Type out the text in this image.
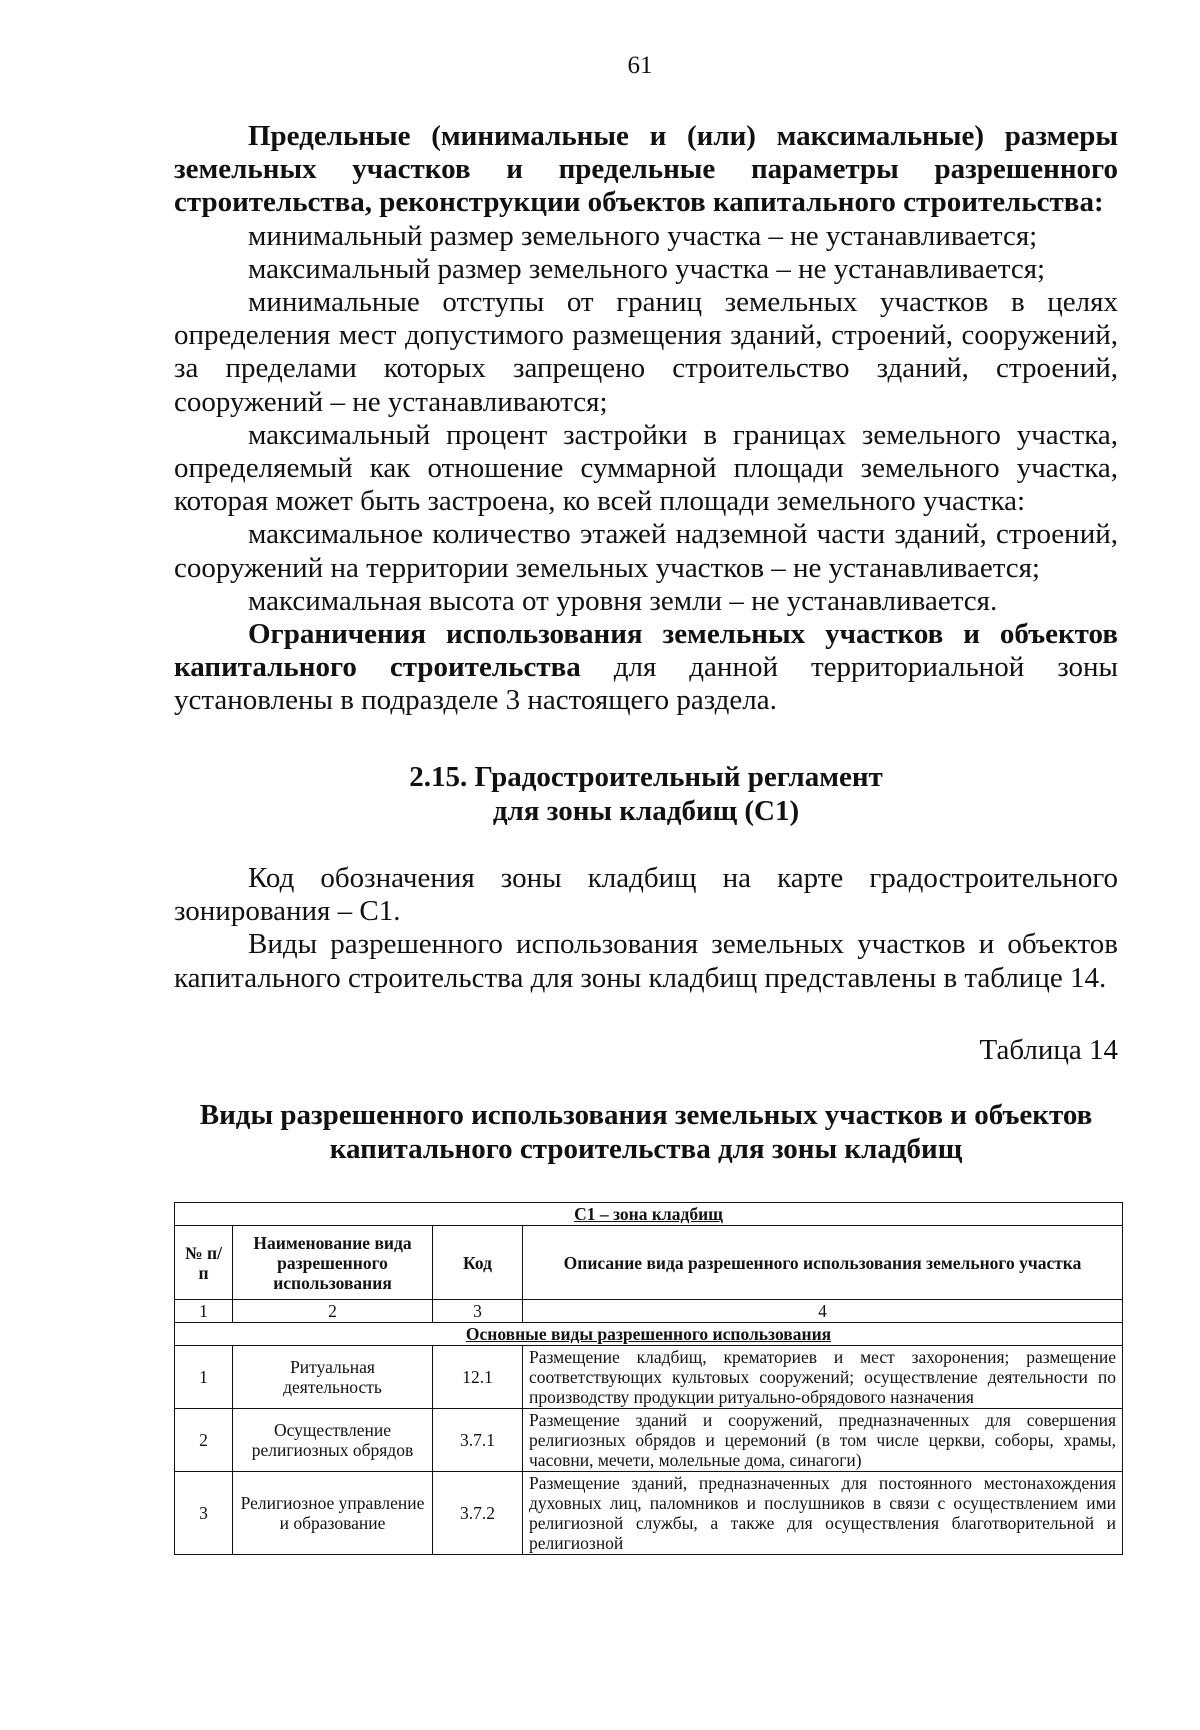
61

Предельные (минимальные и (или) максимальные) размеры земельных участков и предельные параметры разрешенного строительства, реконструкции объектов капитального строительства:

минимальный размер земельного участка – не устанавливается;

максимальный размер земельного участка – не устанавливается;

минимальные отступы от границ земельных участков в целях определения мест допустимого размещения зданий, строений, сооружений, за пределами которых запрещено строительство зданий, строений, сооружений – не устанавливаются;

максимальный процент застройки в границах земельного участка, определяемый как отношение суммарной площади земельного участка, которая может быть застроена, ко всей площади земельного участка:

максимальное количество этажей надземной части зданий, строений, сооружений на территории земельных участков – не устанавливается;

максимальная высота от уровня земли – не устанавливается.

Ограничения использования земельных участков и объектов капитального строительства для данной территориальной зоны установлены в подразделе 3 настоящего раздела.

2.15. Градостроительный регламент
для зоны кладбищ (С1)

Код обозначения зоны кладбищ на карте градостроительного зонирования – С1.

Виды разрешенного использования земельных участков и объектов капитального строительства для зоны кладбищ представлены в таблице 14.

Таблица 14
Виды разрешенного использования земельных участков и объектов
капитального строительства для зоны кладбищ
С1 – зона кладбищ			
№ п/п	Наименование вида разрешенного использования	Код	Описание вида разрешенного использования земельного участка
1	2	3	4
Основные виды разрешенного использования			
1	Ритуальная деятельность	12.1	Размещение кладбищ, крематориев и мест захоронения; размещение соответствующих культовых сооружений; осуществление деятельности по производству продукции ритуально-обрядового назначения
2	Осуществление религиозных обрядов	3.7.1	Размещение зданий и сооружений, предназначенных для совершения религиозных обрядов и церемоний (в том числе церкви, соборы, храмы, часовни, мечети, молельные дома, синагоги)
3	Религиозное управление и образование	3.7.2	Размещение зданий, предназначенных для постоянного местонахождения духовных лиц, паломников и послушников в связи с осуществлением ими религиозной службы, а также для осуществления благотворительной и религиозной
